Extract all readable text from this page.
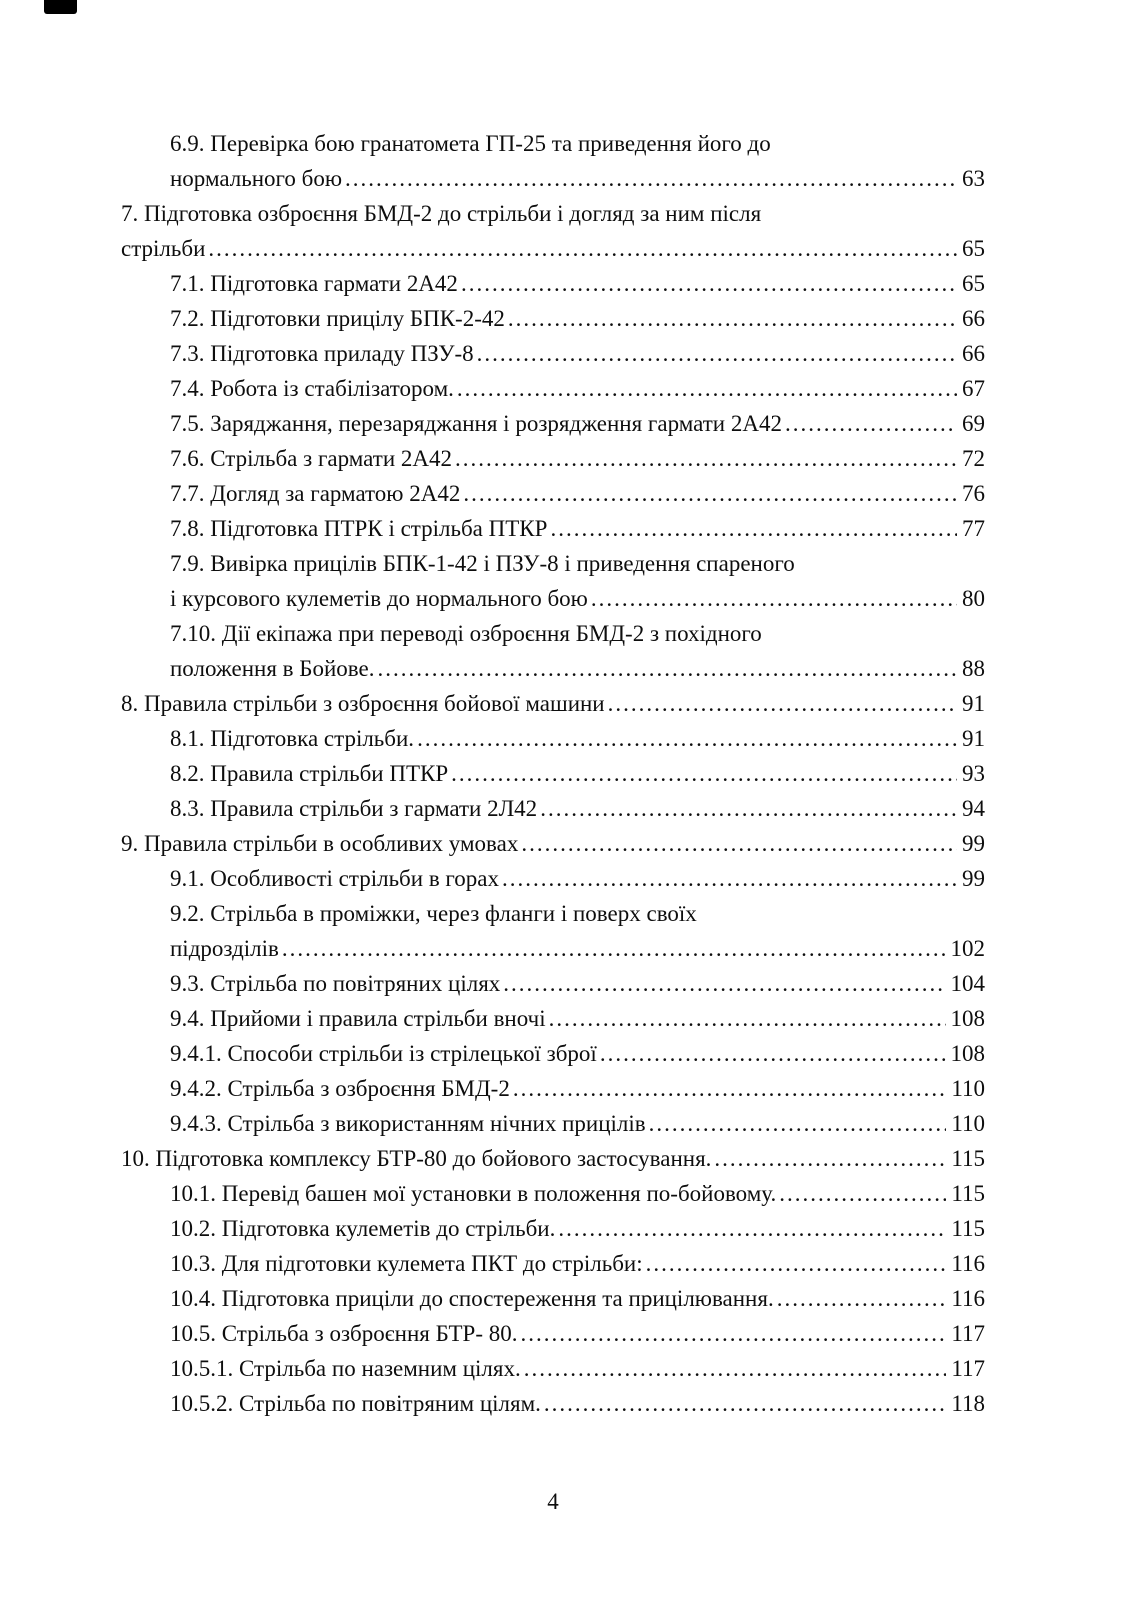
6.9. Перевірка бою гранатомета ГП-25 та приведення його до
нормального бою .....	63
7. Підготовка озброєння БМД-2 до стрільби і догляд за ним після
стрільби .....	65
7.1. Підготовка гармати 2А42 .....	65
7.2. Підготовки прицілу БПК-2-42 .....	66
7.3. Підготовка приладу ПЗУ-8 .....	66
7.4. Робота із стабілізатором. .....	67
7.5. Заряджання, перезаряджання і розрядження гармати 2А42 .....	69
7.6. Стрільба з гармати 2А42 .....	72
7.7. Догляд за гарматою 2А42 .....	76
7.8. Підготовка ПТРК і стрільба ПТКР .....	77
7.9. Вивірка прицілів БПК-1-42 і ПЗУ-8 і приведення спареного
і курсового кулеметів до нормального бою .....	80
7.10. Дії екіпажа при переводі озброєння БМД-2 з похідного
положення в Бойове. .....	88
8. Правила стрільби з озброєння бойової машини .....	91
8.1. Підготовка стрільби. .....	91
8.2. Правила стрільби ПТКР .....	93
8.3. Правила стрільби з гармати 2Л42 .....	94
9. Правила стрільби в особливих умовах .....	99
9.1. Особливості стрільби в горах .....	99
9.2. Стрільба в проміжки, через фланги і поверх своїх
підрозділів .....	102
9.3. Стрільба по повітряних цілях .....	104
9.4. Прийоми і правила стрільби вночі .....	108
9.4.1. Способи стрільби із стрілецької зброї .....	108
9.4.2. Стрільба з озброєння БМД-2 .....	110
9.4.3. Стрільба з використанням нічних прицілів .....	110
10. Підготовка комплексу БТР-80 до бойового застосування. .....	115
10.1. Перевід башен мої установки в положення по-бойовому. .....	115
10.2. Підготовка кулеметів до стрільби. .....	115
10.3. Для підготовки кулемета ПКТ до стрільби: .....	116
10.4. Підготовка приціли до спостереження та прицілювання. .....	116
10.5. Стрільба з озброєння БТР- 80. .....	117
10.5.1. Стрільба по наземним цілях. .....	117
10.5.2. Стрільба по повітряним цілям. .....	118
4
